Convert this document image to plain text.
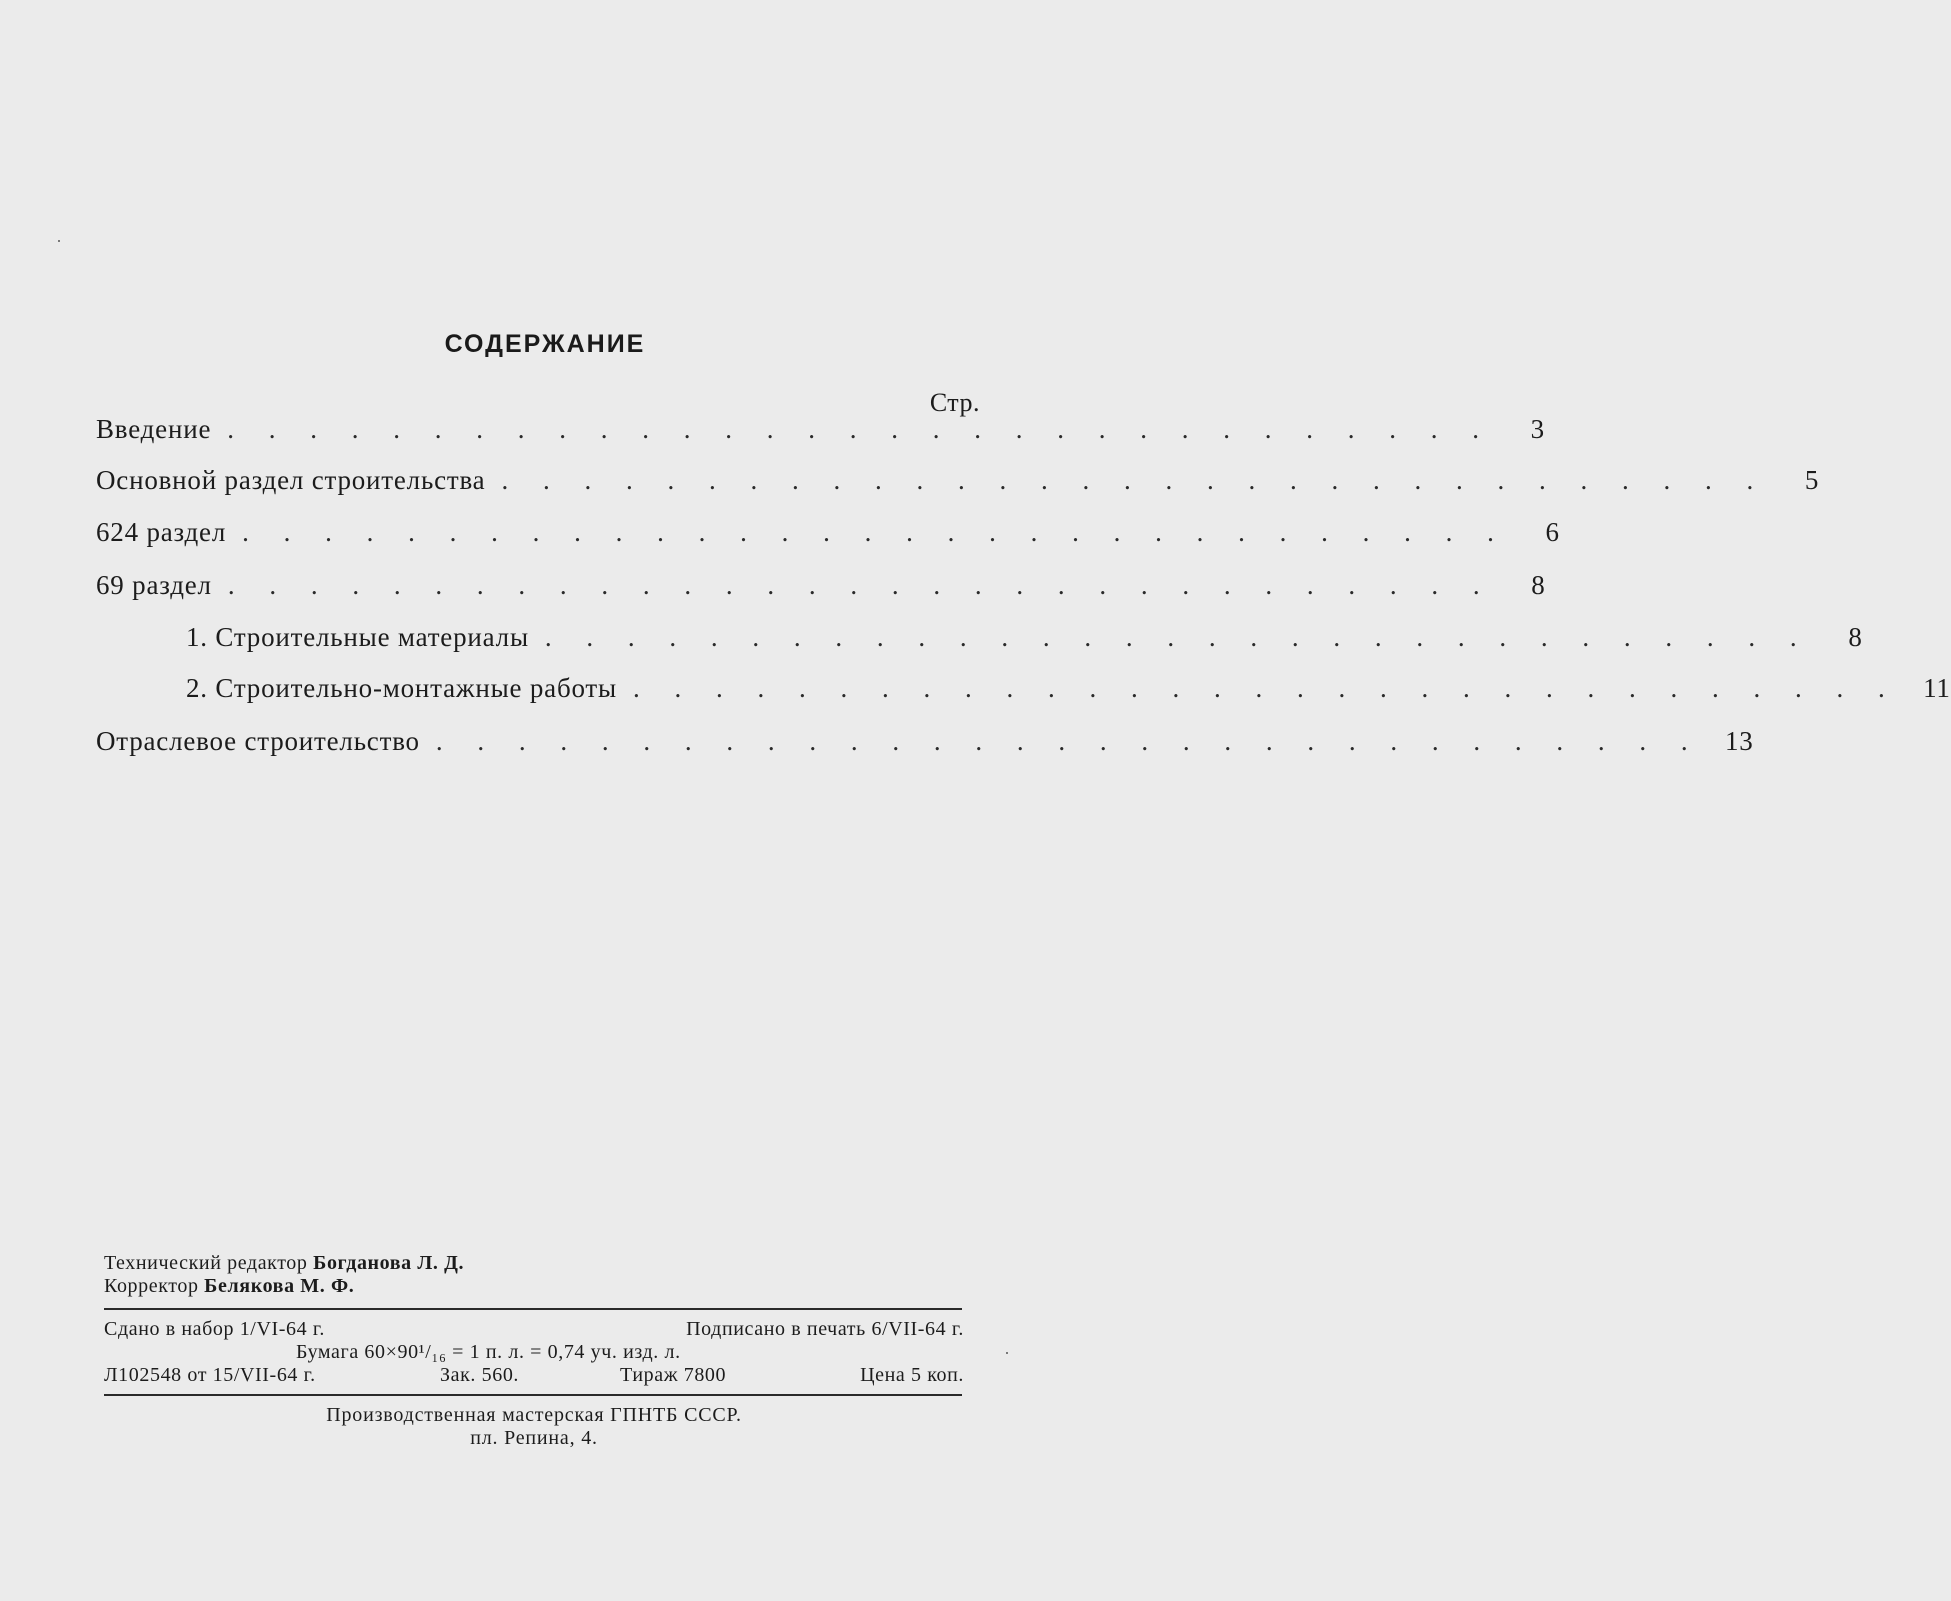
СОДЕРЖАНИЕ
Стр.
Введение . . . . . . . . . . . . . . . . . . . . . . . . . . . . . . .	3
Основной раздел строительства . . . . . . . . . . . . . . . . . . . . . . . . . . . . . . .	5
624 раздел . . . . . . . . . . . . . . . . . . . . . . . . . . . . . . .	6
69 раздел . . . . . . . . . . . . . . . . . . . . . . . . . . . . . . .	8
1. Строительные материалы . . . . . . . . . . . . . . . . . . . . . . . . . . . . . . .	8
2. Строительно-монтажные работы . . . . . . . . . . . . . . . . . . . . . . . . . . . . . . . 11
Отраслевое строительство . . . . . . . . . . . . . . . . . . . . . . . . . . . . . . . 13
Технический редактор Богданова Л. Д.
Корректор Белякова М. Ф.
Сдано в набор 1/VI-64 г.	Подписано в печать 6/VII-64 г.
Бумага 60×90¹/₁₆ = 1 п. л. = 0,74 уч. изд. л.
Л102548 от 15/VII-64 г.	Зак. 560.	Тираж 7800	Цена 5 коп.
Производственная мастерская ГПНТБ СССР.
пл. Репина, 4.
